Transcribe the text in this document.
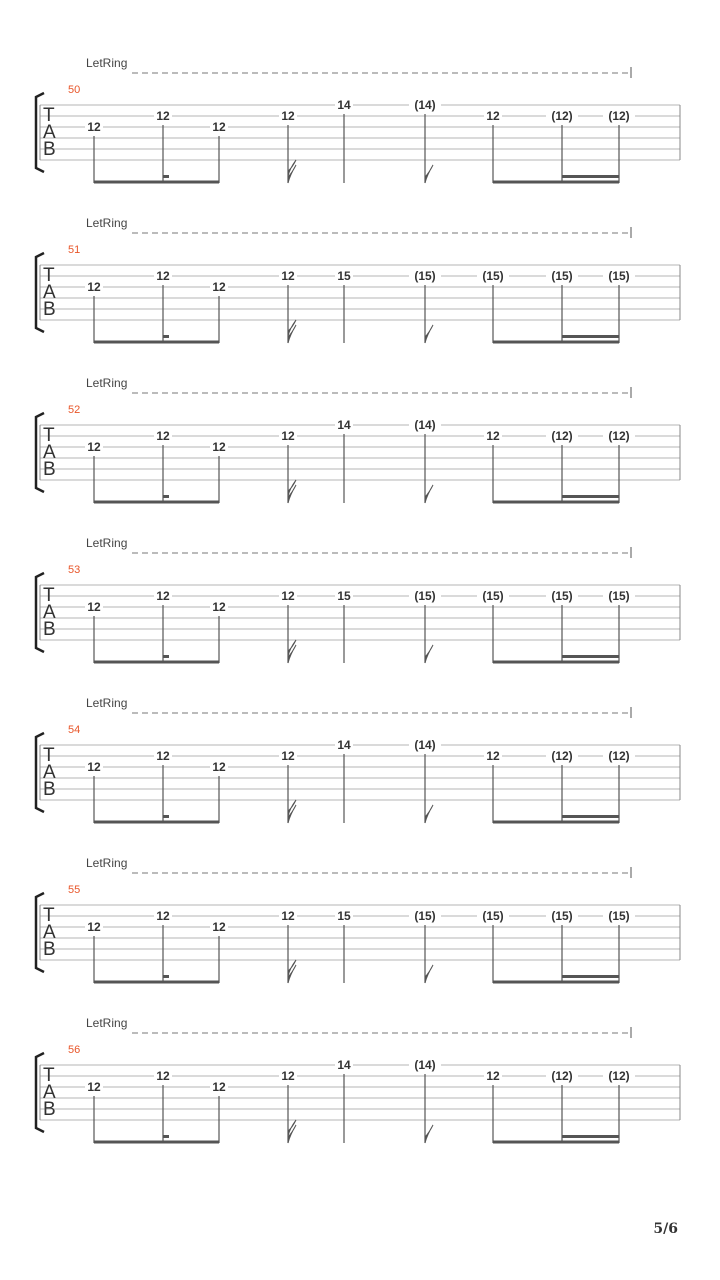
LetRing
50
T
A
B
12
12
12
12
14	(14)
12	(12)	(12)
LetRing
51
T
A
B
12
12
12
12	15	(15)	(15)	(15)	(15)
LetRing
52
T
A
B
12
12
12
12
14	(14)
12	(12)	(12)
LetRing
53
T
A
B
12
12
12
12	15	(15)	(15)	(15)	(15)
LetRing
54
T
A
B
12
12
12
12
14	(14)
12	(12)	(12)
LetRing
55
T
A
B
12
12
12
12	15	(15)	(15)	(15)	(15)
LetRing
56
T
A
B
12
12
12
12
14	(14)
12	(12)	(12)
5/6
